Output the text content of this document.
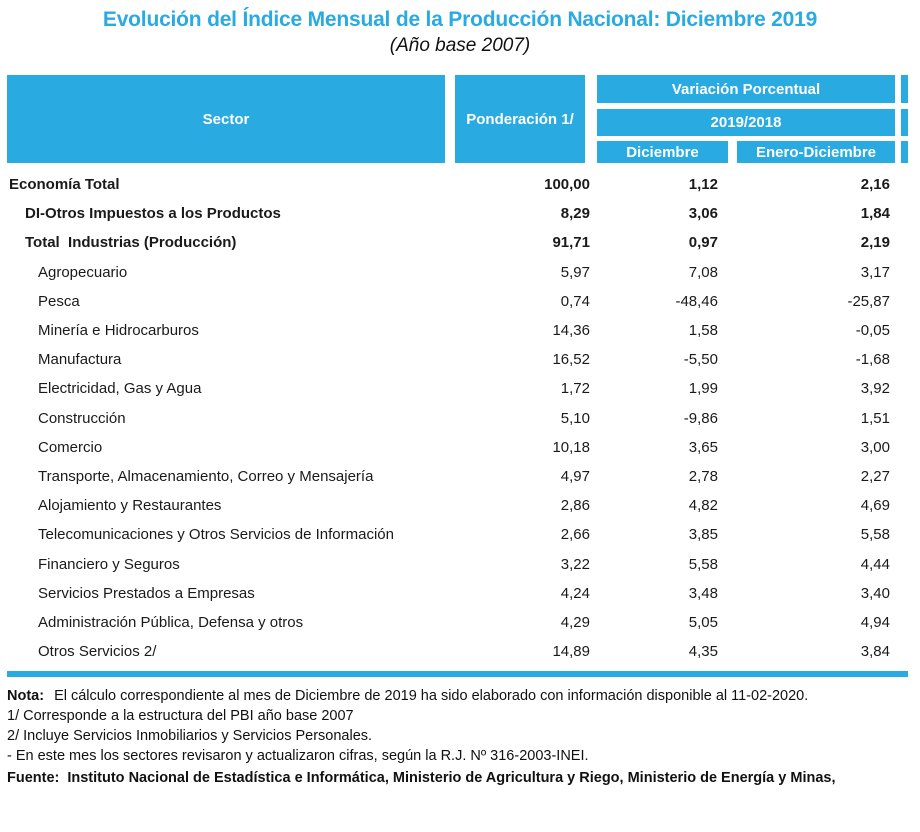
Evolución del Índice Mensual de la Producción Nacional: Diciembre 2019
(Año base 2007)
Sector	Ponderación 1/
Variación Porcentual
2019/2018
Diciembre	Enero-Diciembre
Economía Total	100,00	1,12	2,16
DI-Otros Impuestos a los Productos	8,29	3,06	1,84
Total  Industrias (Producción)	91,71	0,97	2,19
Agropecuario	5,97	7,08	3,17
Pesca	0,74	-48,46	-25,87
Minería e Hidrocarburos	14,36	1,58	-0,05
Manufactura	16,52	-5,50	-1,68
Electricidad, Gas y Agua	1,72	1,99	3,92
Construcción	5,10	-9,86	1,51
Comercio	10,18	3,65	3,00
Transporte, Almacenamiento, Correo y Mensajería	4,97	2,78	2,27
Alojamiento y Restaurantes	2,86	4,82	4,69
Telecomunicaciones y Otros Servicios de Información	2,66	3,85	5,58
Financiero y Seguros	3,22	5,58	4,44
Servicios Prestados a Empresas	4,24	3,48	3,40
Administración Pública, Defensa y otros	4,29	5,05	4,94
Otros Servicios 2/	14,89	4,35	3,84
Nota: El cálculo correspondiente al mes de Diciembre de 2019 ha sido elaborado con información disponible al 11-02-2020.
1/ Corresponde a la estructura del PBI año base 2007
2/ Incluye Servicios Inmobiliarios y Servicios Personales.
- En este mes los sectores revisaron y actualizaron cifras, según la R.J. Nº 316-2003-INEI.
Fuente: Instituto Nacional de Estadística e Informática, Ministerio de Agricultura y Riego, Ministerio de Energía y Minas,
